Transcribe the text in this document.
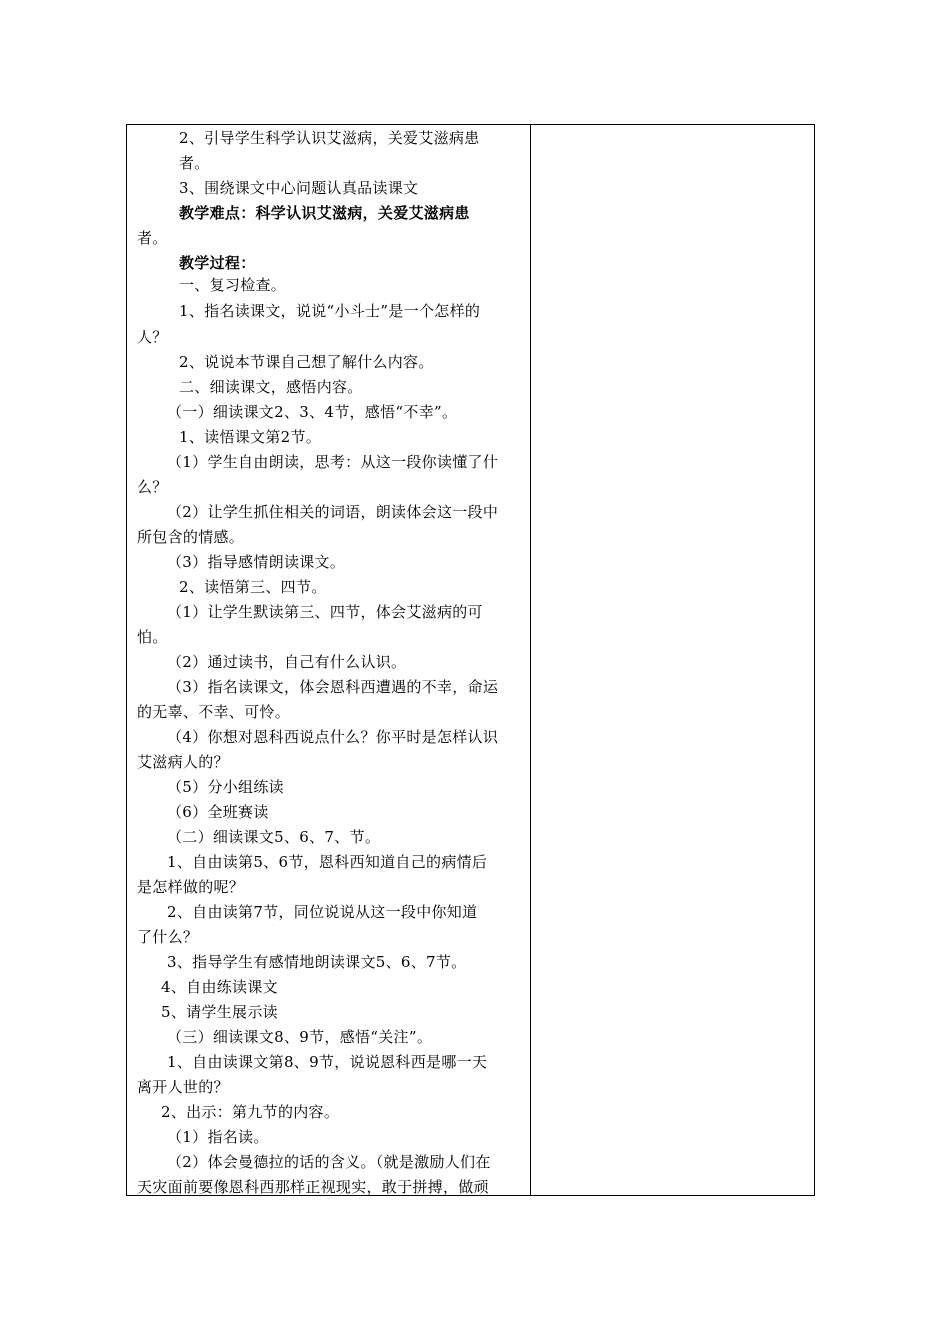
2、引导学生科学认识艾滋病，关爱艾滋病患
者。
3、围绕课文中心问题认真品读课文
教学难点：科学认识艾滋病，关爱艾滋病患
者。
教学过程：
一、复习检查。
1、指名读课文，说说“小斗士”是一个怎样的
人？
2、说说本节课自己想了解什么内容。
二、细读课文，感悟内容。
（一）细读课文2、3、4节，感悟“不幸”。
1、读悟课文第2节。
（1）学生自由朗读，思考：从这一段你读懂了什
么？
（2）让学生抓住相关的词语，朗读体会这一段中
所包含的情感。
（3）指导感情朗读课文。
2、读悟第三、四节。
（1）让学生默读第三、四节，体会艾滋病的可
怕。
（2）通过读书，自己有什么认识。
（3）指名读课文，体会恩科西遭遇的不幸，命运
的无辜、不幸、可怜。
（4）你想对恩科西说点什么？你平时是怎样认识
艾滋病人的？
（5）分小组练读
（6）全班赛读
（二）细读课文5、6、7、节。
1、自由读第5、6节，恩科西知道自己的病情后
是怎样做的呢？
2、自由读第7节，同位说说从这一段中你知道
了什么？
3、指导学生有感情地朗读课文5、6、7节。
4、自由练读课文
5、请学生展示读
（三）细读课文8、9节，感悟“关注”。
1、自由读课文第8、9节，说说恩科西是哪一天
离开人世的？
2、出示：第九节的内容。
（1）指名读。
（2）体会曼德拉的话的含义。（就是激励人们在
天灾面前要像恩科西那样正视现实，敢于拼搏，做顽
